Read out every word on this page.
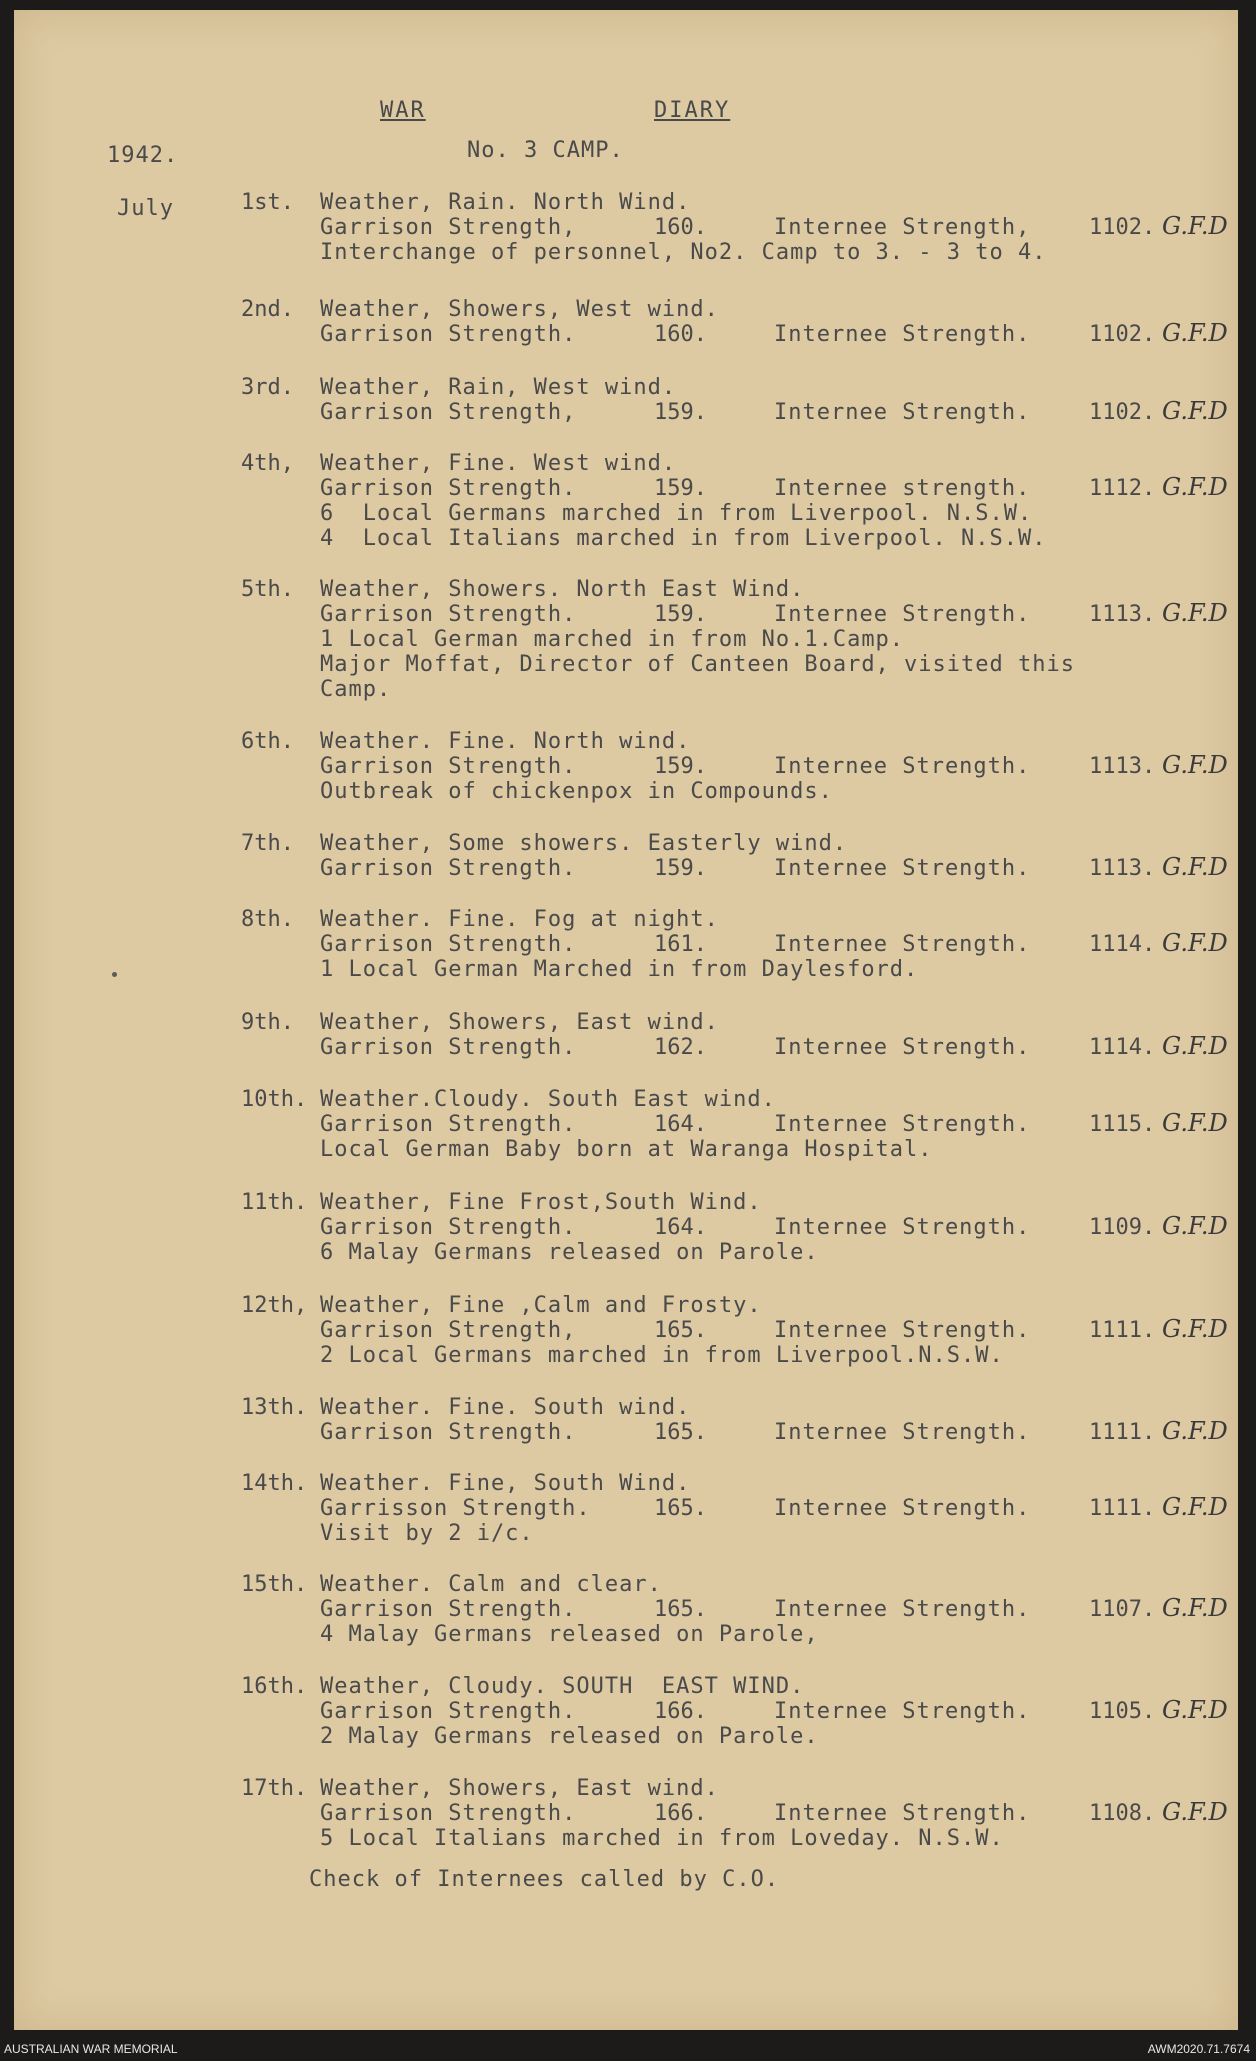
WAR	DIARY
1942.	No. 3 CAMP.
July	1st. Weather, Rain. North Wind.
Garrison Strength,	160.	Internee Strength,	1102. G.F.D
Interchange of personnel, No2. Camp to 3. - 3 to 4.
2nd. Weather, Showers, West wind.
Garrison Strength.	160.	Internee Strength.	1102. G.F.D
3rd. Weather, Rain, West wind.
Garrison Strength,	159.	Internee Strength.	1102. G.F.D
4th, Weather, Fine. West wind.
Garrison Strength.	159.	Internee strength.	1112. G.F.D
6  Local Germans marched in from Liverpool. N.S.W.
4  Local Italians marched in from Liverpool. N.S.W.
5th. Weather, Showers. North East Wind.
Garrison Strength.	159.	Internee Strength.	1113. G.F.D
1 Local German marched in from No.1.Camp.
Major Moffat, Director of Canteen Board, visited this
Camp.
6th. Weather. Fine. North wind.
Garrison Strength.	159.	Internee Strength.	1113. G.F.D
Outbreak of chickenpox in Compounds.
7th. Weather, Some showers. Easterly wind.
Garrison Strength.	159.	Internee Strength.	1113. G.F.D
8th. Weather. Fine. Fog at night.
Garrison Strength.	161.	Internee Strength.	1114. G.F.D
1 Local German Marched in from Daylesford.
9th. Weather, Showers, East wind.
Garrison Strength.	162.	Internee Strength.	1114. G.F.D
10th. Weather.Cloudy. South East wind.
Garrison Strength.	164.	Internee Strength.	1115. G.F.D
Local German Baby born at Waranga Hospital.
11th. Weather, Fine Frost,South Wind.
Garrison Strength.	164.	Internee Strength.	1109. G.F.D
6 Malay Germans released on Parole.
12th, Weather, Fine ,Calm and Frosty.
Garrison Strength,	165.	Internee Strength.	1111. G.F.D
2 Local Germans marched in from Liverpool.N.S.W.
13th. Weather. Fine. South wind.
Garrison Strength.	165.	Internee Strength.	1111. G.F.D
14th. Weather. Fine, South Wind.
Garrisson Strength.	165.	Internee Strength.	1111. G.F.D
Visit by 2 i/c.
15th. Weather. Calm and clear.
Garrison Strength.	165.	Internee Strength.	1107. G.F.D
4 Malay Germans released on Parole,
16th. Weather, Cloudy. SOUTH  EAST WIND.
Garrison Strength.	166.	Internee Strength.	1105. G.F.D
2 Malay Germans released on Parole.
17th. Weather, Showers, East wind.
Garrison Strength.	166.	Internee Strength.	1108. G.F.D
5 Local Italians marched in from Loveday. N.S.W.
Check of Internees called by C.O.
AUSTRALIAN WAR MEMORIAL	AWM2020.71.7674
